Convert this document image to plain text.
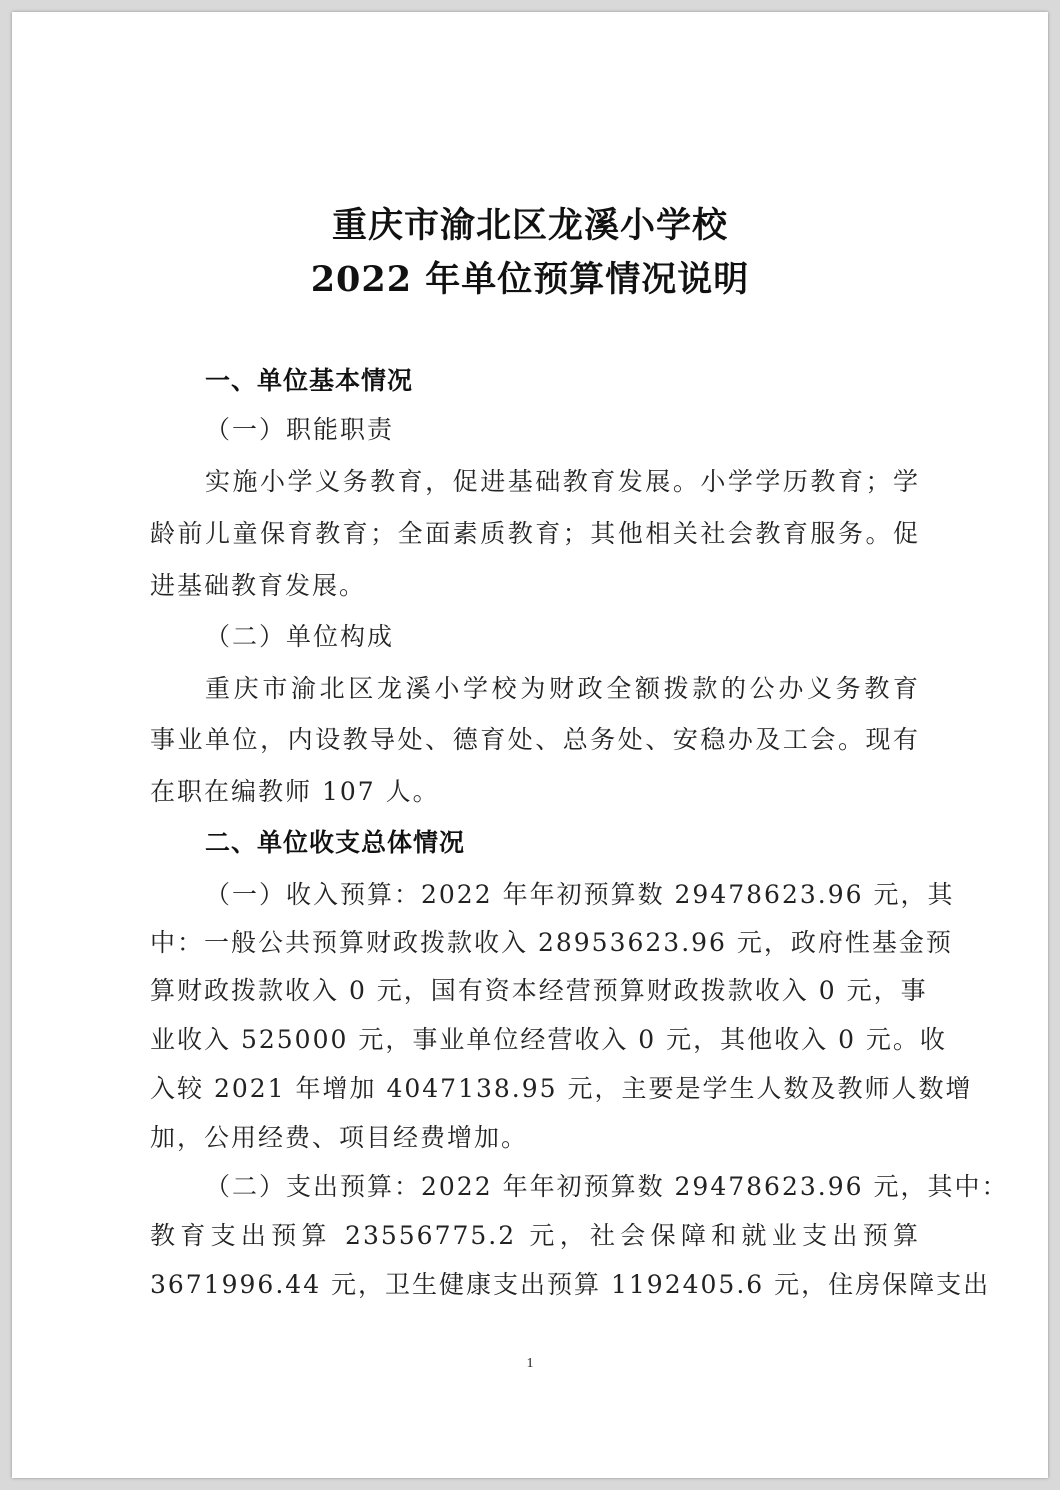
重庆市渝北区龙溪小学校
2022 年单位预算情况说明
一、单位基本情况
（一）职能职责
实施小学义务教育，促进基础教育发展。小学学历教育；学
龄前儿童保育教育；全面素质教育；其他相关社会教育服务。促
进基础教育发展。
（二）单位构成
重庆市渝北区龙溪小学校为财政全额拨款的公办义务教育
事业单位，内设教导处、德育处、总务处、安稳办及工会。现有
在职在编教师 107 人。
二、单位收支总体情况
（一）收入预算：2022 年年初预算数 29478623.96 元，其
中：一般公共预算财政拨款收入 28953623.96 元，政府性基金预
算财政拨款收入 0 元，国有资本经营预算财政拨款收入 0 元，事
业收入 525000 元，事业单位经营收入 0 元，其他收入 0 元。收
入较 2021 年增加 4047138.95 元，主要是学生人数及教师人数增
加，公用经费、项目经费增加。
（二）支出预算：2022 年年初预算数 29478623.96 元，其中：
教育支出预算 23556775.2 元，社会保障和就业支出预算
3671996.44 元，卫生健康支出预算 1192405.6 元，住房保障支出
1
